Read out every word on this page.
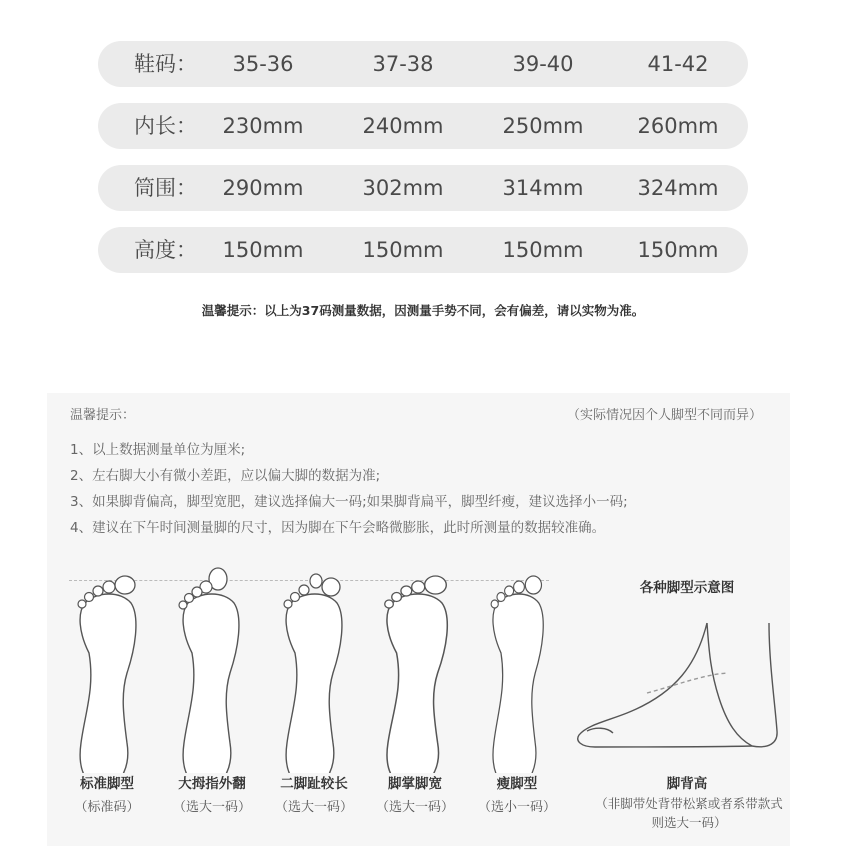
鞋码：	35-36	37-38	39-40	41-42
内长：	230mm	240mm	250mm	260mm
筒围：	290mm	302mm	314mm	324mm
高度：	150mm	150mm	150mm	150mm
温馨提示：以上为37码测量数据，因测量手势不同，会有偏差，请以实物为准。
温馨提示：	（实际情况因个人脚型不同而异）
1、以上数据测量单位为厘米;
2、左右脚大小有微小差距，应以偏大脚的数据为准;
3、如果脚背偏高，脚型宽肥，建议选择偏大一码;如果脚背扁平，脚型纤瘦，建议选择小一码;
4、建议在下午时间测量脚的尺寸，因为脚在下午会略微膨胀，此时所测量的数据较准确。
标准脚型
（标准码）
大拇指外翻
（选大一码）
二脚趾较长
（选大一码）
脚掌脚宽
（选大一码）
瘦脚型
（选小一码）
各种脚型示意图
脚背高
（非脚带处背带松紧或者系带款式则选大一码）
